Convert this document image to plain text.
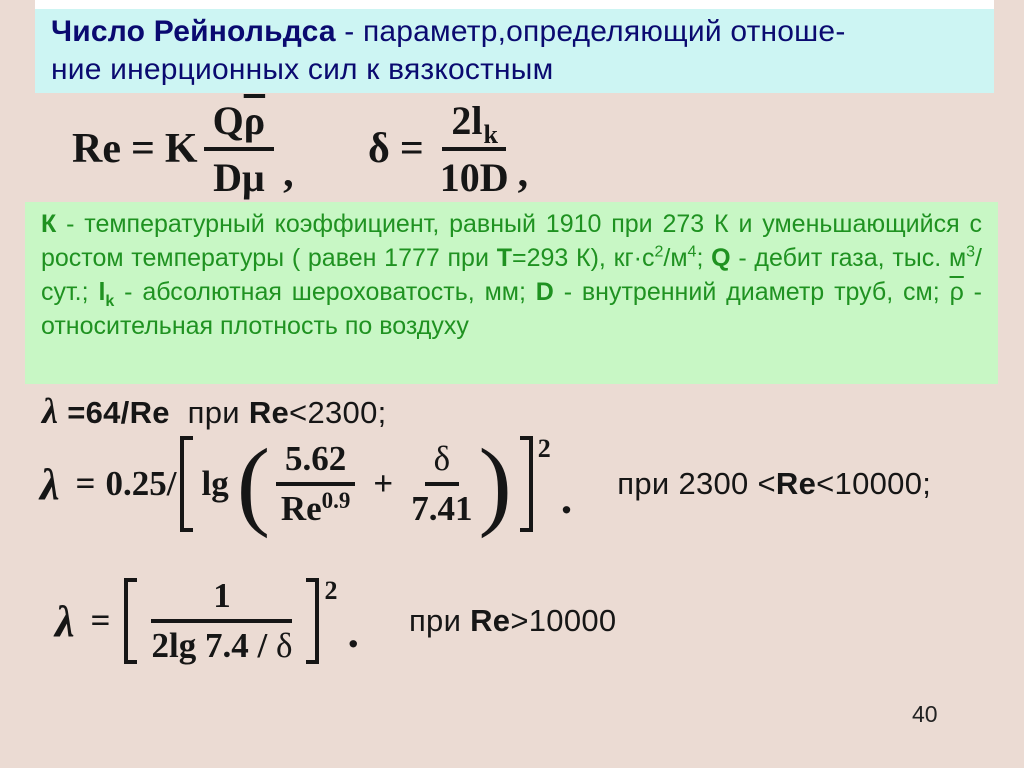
Число Рейнольдса - параметр,определяющий отноше-
ние инерционных сил к вязкостным
Re = K $\frac{Q \overline{\rho}}{D\mu}$ ,
$\delta = \frac{\text{2l k}}{10D}$ ,
К - температурный коэффициент, равный 1910 при 273 К и уменьшающийся с ростом температуры ( равен 1777 при Т=293 К), $кг\cdot с^2/м^4$; Q - дебит газа, тыс. $м^3$/сут.; $l_k$ - абсолютная шероховатость, мм; D - внутренний диаметр труб, см; $\overline{\rho}$ - относительная плотность по воздуху
λ =64/Re  при Re<2300;
λ = 0.25/ lg ( $\frac{5.62}{Re 0.9} + \frac{\delta}{7.41}$ ) 2
. при 2300 <Re<10000;
$\lambda = \frac{1}{2\lg 7.4 / \delta} 2$
. при Re>10000
40
